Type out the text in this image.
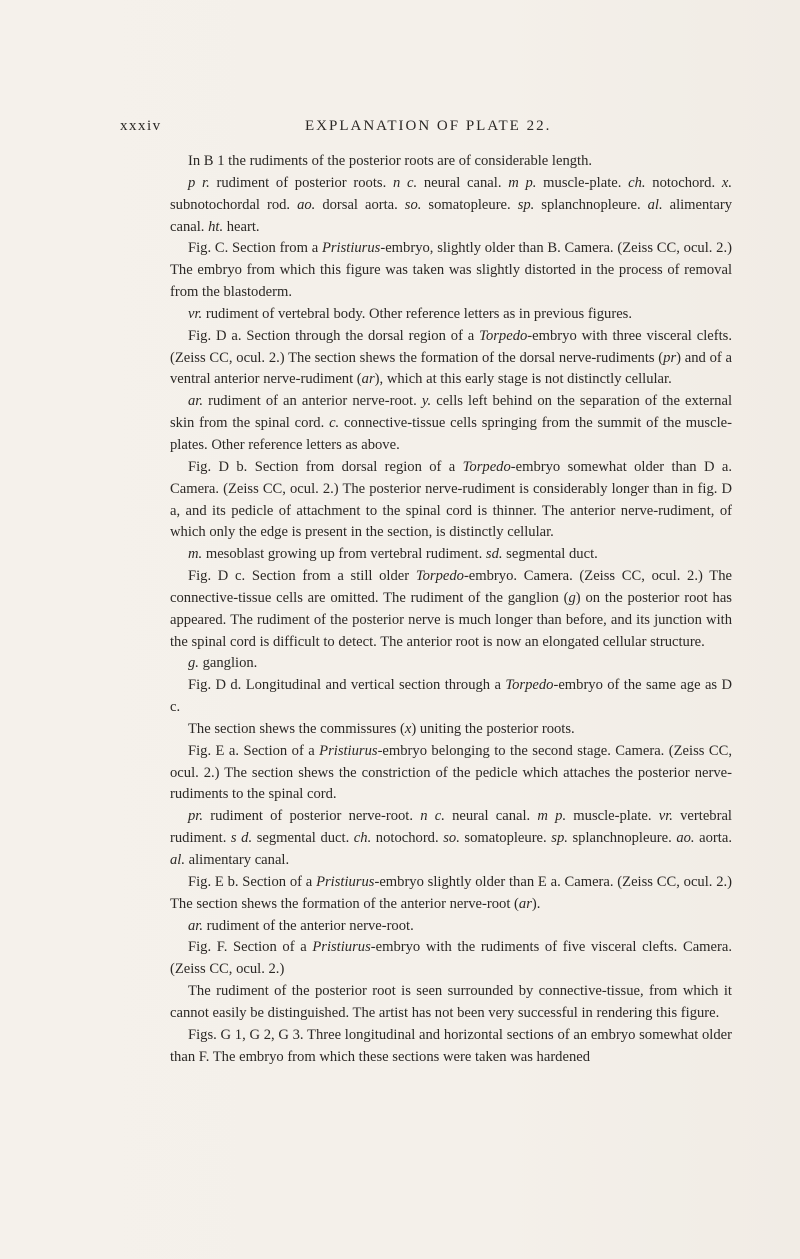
xxxiv	EXPLANATION OF PLATE 22.

In B 1 the rudiments of the posterior roots are of considerable length.

p r. rudiment of posterior roots. n c. neural canal. m p. muscle-plate. ch. notochord. x. subnotochordal rod. ao. dorsal aorta. so. somatopleure. sp. splanchnopleure. al. alimentary canal. ht. heart.

Fig. C. Section from a Pristiurus-embryo, slightly older than B. Camera. (Zeiss CC, ocul. 2.) The embryo from which this figure was taken was slightly distorted in the process of removal from the blastoderm.

vr. rudiment of vertebral body. Other reference letters as in previous figures.

Fig. D a. Section through the dorsal region of a Torpedo-embryo with three visceral clefts. (Zeiss CC, ocul. 2.) The section shews the formation of the dorsal nerve-rudiments (pr) and of a ventral anterior nerve-rudiment (ar), which at this early stage is not distinctly cellular.

ar. rudiment of an anterior nerve-root. y. cells left behind on the separation of the external skin from the spinal cord. c. connective-tissue cells springing from the summit of the muscle-plates. Other reference letters as above.

Fig. D b. Section from dorsal region of a Torpedo-embryo somewhat older than D a. Camera. (Zeiss CC, ocul. 2.) The posterior nerve-rudiment is considerably longer than in fig. D a, and its pedicle of attachment to the spinal cord is thinner. The anterior nerve-rudiment, of which only the edge is present in the section, is distinctly cellular.

m. mesoblast growing up from vertebral rudiment. sd. segmental duct.

Fig. D c. Section from a still older Torpedo-embryo. Camera. (Zeiss CC, ocul. 2.) The connective-tissue cells are omitted. The rudiment of the ganglion (g) on the posterior root has appeared. The rudiment of the posterior nerve is much longer than before, and its junction with the spinal cord is difficult to detect. The anterior root is now an elongated cellular structure.

g. ganglion.

Fig. D d. Longitudinal and vertical section through a Torpedo-embryo of the same age as D c.

The section shews the commissures (x) uniting the posterior roots.

Fig. E a. Section of a Pristiurus-embryo belonging to the second stage. Camera. (Zeiss CC, ocul. 2.) The section shews the constriction of the pedicle which attaches the posterior nerve-rudiments to the spinal cord.

pr. rudiment of posterior nerve-root. n c. neural canal. m p. muscle-plate. vr. vertebral rudiment. s d. segmental duct. ch. notochord. so. somatopleure. sp. splanchnopleure. ao. aorta. al. alimentary canal.

Fig. E b. Section of a Pristiurus-embryo slightly older than E a. Camera. (Zeiss CC, ocul. 2.) The section shews the formation of the anterior nerve-root (ar).

ar. rudiment of the anterior nerve-root.

Fig. F. Section of a Pristiurus-embryo with the rudiments of five visceral clefts. Camera. (Zeiss CC, ocul. 2.)

The rudiment of the posterior root is seen surrounded by connective-tissue, from which it cannot easily be distinguished. The artist has not been very successful in rendering this figure.

Figs. G 1, G 2, G 3. Three longitudinal and horizontal sections of an embryo somewhat older than F. The embryo from which these sections were taken was hardened
